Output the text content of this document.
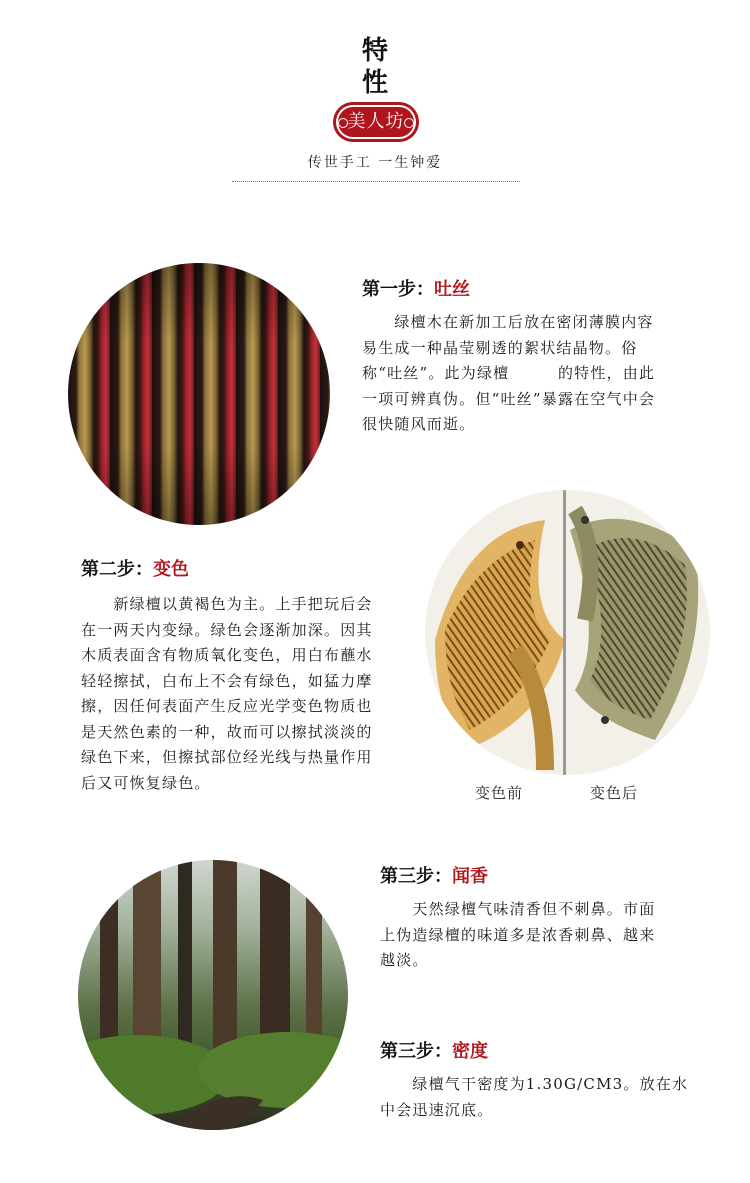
特
性
美人坊
传世手工 一生钟爱
第一步：吐丝
　　绿檀木在新加工后放在密闭薄膜内容易生成一种晶莹剔透的絮状结晶物。俗称“吐丝”。此为绿檀　　　的特性，由此一项可辨真伪。但“吐丝”暴露在空气中会很快随风而逝。
第二步：变色
　　新绿檀以黄褐色为主。上手把玩后会在一两天内变绿。绿色会逐渐加深。因其木质表面含有物质氧化变色，用白布蘸水轻轻擦拭，白布上不会有绿色，如猛力摩擦，因任何表面产生反应光学变色物质也是天然色素的一种，故而可以擦拭淡淡的绿色下来，但擦拭部位经光线与热量作用后又可恢复绿色。
变色前	变色后
第三步：闻香
　　天然绿檀气味清香但不刺鼻。市面上伪造绿檀的味道多是浓香刺鼻、越来越淡。
第三步：密度
　　绿檀气干密度为1.30G/CM3。放在水中会迅速沉底。
